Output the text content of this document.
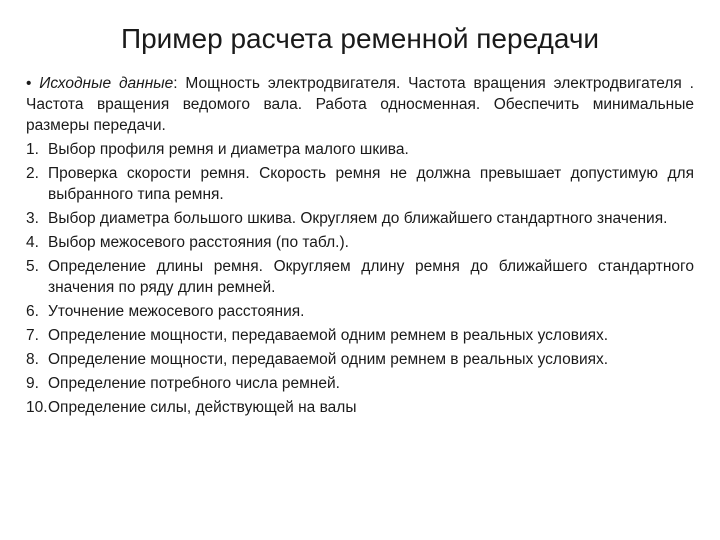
Пример расчета ременной передачи

• Исходные данные: Мощность электродвигателя. Частота вращения электродвигателя . Частота вращения ведомого вала. Работа односменная. Обеспечить минимальные размеры передачи.

1. Выбор профиля ремня и диаметра малого шкива.
2. Проверка скорости ремня. Скорость ремня не должна превышает допустимую для выбранного типа ремня.
3. Выбор диаметра большого шкива. Округляем до ближайшего стандартного значения.
4. Выбор межосевого расстояния (по табл.).
5. Определение длины ремня. Округляем длину ремня до ближайшего стандартного значения по ряду длин ремней.
6. Уточнение межосевого расстояния.
7. Определение мощности, передаваемой одним ремнем в реальных условиях.
8. Определение мощности, передаваемой одним ремнем в реальных условиях.
9. Определение потребного числа ремней.
10. Определение силы, действующей на валы
